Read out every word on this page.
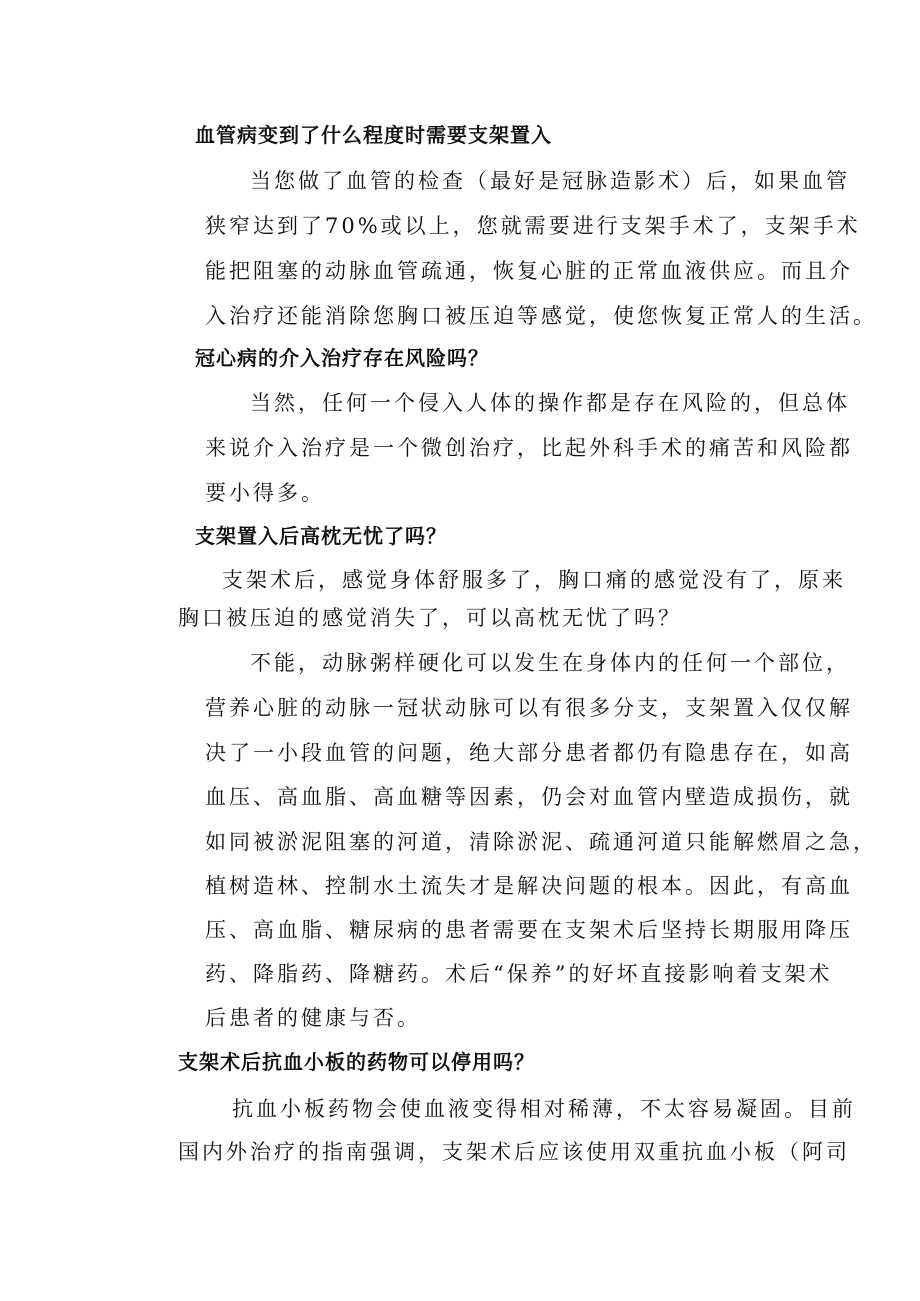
血管病变到了什么程度时需要支架置入
当您做了血管的检查（最好是冠脉造影术）后，如果血管
狭窄达到了70%或以上，您就需要进行支架手术了，支架手术
能把阻塞的动脉血管疏通，恢复心脏的正常血液供应。而且介
入治疗还能消除您胸口被压迫等感觉，使您恢复正常人的生活。
冠心病的介入治疗存在风险吗？
当然，任何一个侵入人体的操作都是存在风险的，但总体
来说介入治疗是一个微创治疗，比起外科手术的痛苦和风险都
要小得多。
支架置入后高枕无忧了吗？
支架术后，感觉身体舒服多了，胸口痛的感觉没有了，原来
胸口被压迫的感觉消失了，可以高枕无忧了吗？
不能，动脉粥样硬化可以发生在身体内的任何一个部位，
营养心脏的动脉一冠状动脉可以有很多分支，支架置入仅仅解
决了一小段血管的问题，绝大部分患者都仍有隐患存在，如高
血压、高血脂、高血糖等因素，仍会对血管内壁造成损伤，就
如同被淤泥阻塞的河道，清除淤泥、疏通河道只能解燃眉之急，
植树造林、控制水土流失才是解决问题的根本。因此，有高血
压、高血脂、糖尿病的患者需要在支架术后坚持长期服用降压
药、降脂药、降糖药。术后“保养”的好坏直接影响着支架术
后患者的健康与否。
支架术后抗血小板的药物可以停用吗？
抗血小板药物会使血液变得相对稀薄，不太容易凝固。目前
国内外治疗的指南强调，支架术后应该使用双重抗血小板（阿司
